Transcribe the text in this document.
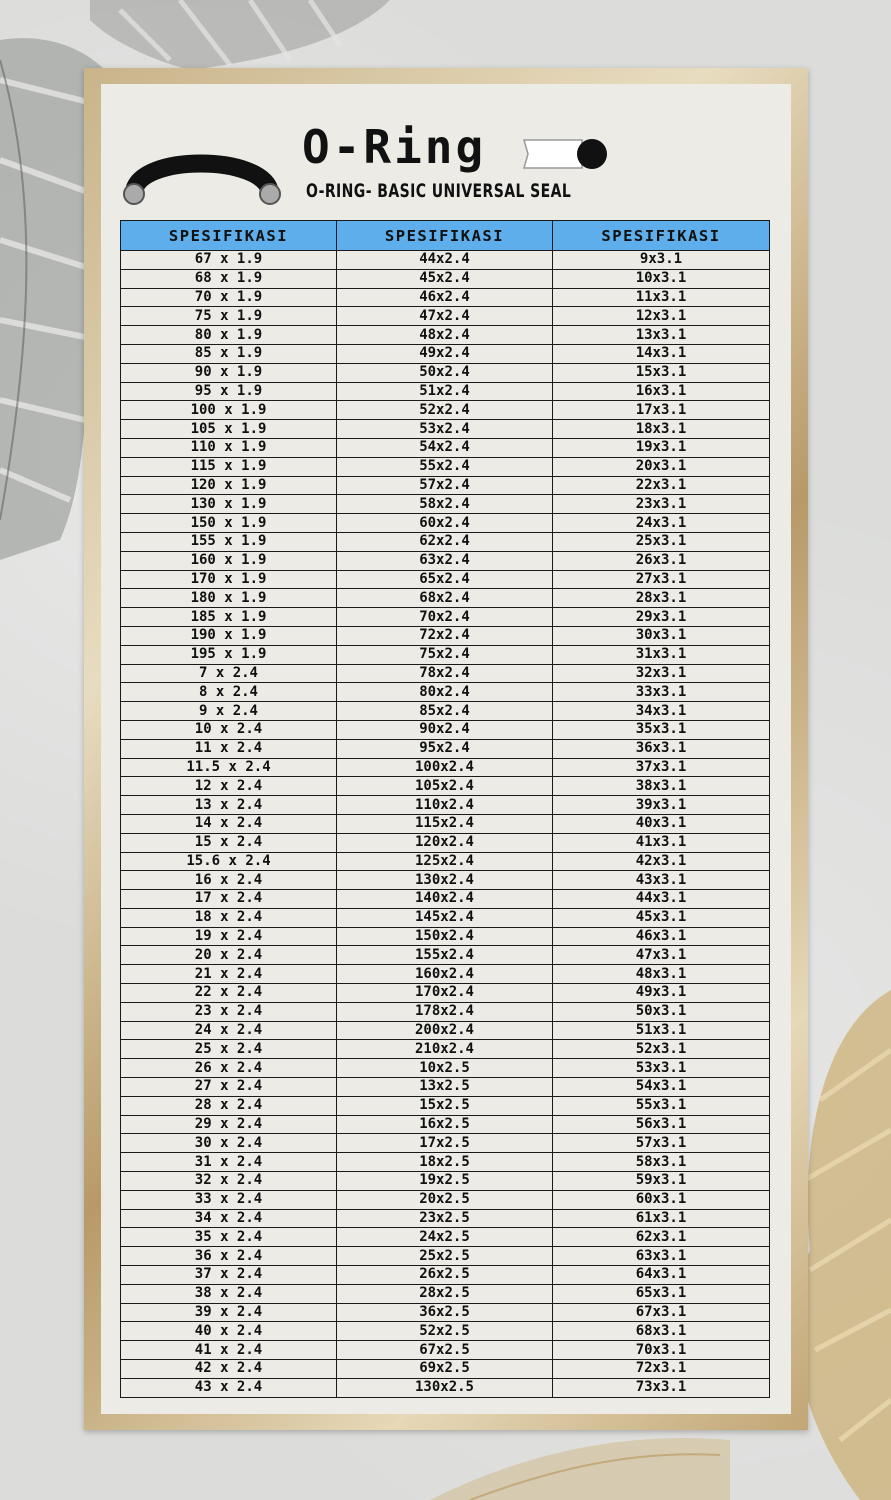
O-Ring

O-RING- BASIC UNIVERSAL SEAL

SPESIFIKASI	SPESIFIKASI	SPESIFIKASI
67 x 1.9	44x2.4	9x3.1
68 x 1.9	45x2.4	10x3.1
70 x 1.9	46x2.4	11x3.1
75 x 1.9	47x2.4	12x3.1
80 x 1.9	48x2.4	13x3.1
85 x 1.9	49x2.4	14x3.1
90 x 1.9	50x2.4	15x3.1
95 x 1.9	51x2.4	16x3.1
100 x 1.9	52x2.4	17x3.1
105 x 1.9	53x2.4	18x3.1
110 x 1.9	54x2.4	19x3.1
115 x 1.9	55x2.4	20x3.1
120 x 1.9	57x2.4	22x3.1
130 x 1.9	58x2.4	23x3.1
150 x 1.9	60x2.4	24x3.1
155 x 1.9	62x2.4	25x3.1
160 x 1.9	63x2.4	26x3.1
170 x 1.9	65x2.4	27x3.1
180 x 1.9	68x2.4	28x3.1
185 x 1.9	70x2.4	29x3.1
190 x 1.9	72x2.4	30x3.1
195 x 1.9	75x2.4	31x3.1
7 x 2.4	78x2.4	32x3.1
8 x 2.4	80x2.4	33x3.1
9 x 2.4	85x2.4	34x3.1
10 x 2.4	90x2.4	35x3.1
11 x 2.4	95x2.4	36x3.1
11.5 x 2.4	100x2.4	37x3.1
12 x 2.4	105x2.4	38x3.1
13 x 2.4	110x2.4	39x3.1
14 x 2.4	115x2.4	40x3.1
15 x 2.4	120x2.4	41x3.1
15.6 x 2.4	125x2.4	42x3.1
16 x 2.4	130x2.4	43x3.1
17 x 2.4	140x2.4	44x3.1
18 x 2.4	145x2.4	45x3.1
19 x 2.4	150x2.4	46x3.1
20 x 2.4	155x2.4	47x3.1
21 x 2.4	160x2.4	48x3.1
22 x 2.4	170x2.4	49x3.1
23 x 2.4	178x2.4	50x3.1
24 x 2.4	200x2.4	51x3.1
25 x 2.4	210x2.4	52x3.1
26 x 2.4	10x2.5	53x3.1
27 x 2.4	13x2.5	54x3.1
28 x 2.4	15x2.5	55x3.1
29 x 2.4	16x2.5	56x3.1
30 x 2.4	17x2.5	57x3.1
31 x 2.4	18x2.5	58x3.1
32 x 2.4	19x2.5	59x3.1
33 x 2.4	20x2.5	60x3.1
34 x 2.4	23x2.5	61x3.1
35 x 2.4	24x2.5	62x3.1
36 x 2.4	25x2.5	63x3.1
37 x 2.4	26x2.5	64x3.1
38 x 2.4	28x2.5	65x3.1
39 x 2.4	36x2.5	67x3.1
40 x 2.4	52x2.5	68x3.1
41 x 2.4	67x2.5	70x3.1
42 x 2.4	69x2.5	72x3.1
43 x 2.4	130x2.5	73x3.1
